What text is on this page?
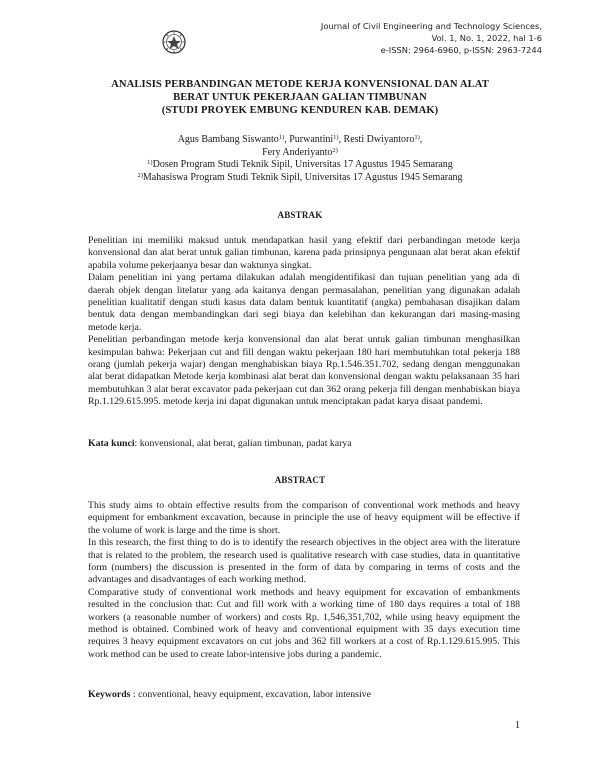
Journal of Civil Engineering and Technology Sciences,
Vol. 1, No. 1, 2022, hal 1-6
e-ISSN: 2964-6960, p-ISSN: 2963-7244
ANALISIS PERBANDINGAN METODE KERJA KONVENSIONAL DAN ALAT
BERAT UNTUK PEKERJAAN GALIAN TIMBUNAN
(STUDI PROYEK EMBUNG KENDUREN KAB. DEMAK)
Agus Bambang Siswanto$^{1)}$, Purwantini$^{1)}$, Resti Dwiyantoro$^{1)}$,
Fery Anderiyanto$^{2)}$
$^{1)}$Dosen Program Studi Teknik Sipil, Universitas 17 Agustus 1945 Semarang
$^{2)}$Mahasiswa Program Studi Teknik Sipil, Universitas 17 Agustus 1945 Semarang
ABSTRAK

Penelitian ini memiliki maksud untuk mendapatkan hasil yang efektif dari perbandingan metode kerja konvensional dan alat berat untuk galian timbunan, karena pada prinsipnya pengunaan alat berat akan efektif apabila volume pekerjaanya besar dan waktunya singkat.

Dalam penelitian ini yang pertama dilakukan adalah mengidentifikasi dan tujuan penelitian yang ada di daerah objek dengan litelatur yang ada kaitanya dengan permasalahan, penelitian yang digunakan adalah penelitian kualitatif dengan studi kasus data dalam bentuk kuantitatif (angka) pembahasan disajikan dalam bentuk data dengan membandingkan dari segi biaya dan kelebihan dan kekurangan dari masing-masing metode kerja.

Penelitian perbandingan metode kerja konvensional dan alat berat untuk galian timbunan menghasilkan kesimpulan bahwa: Pekerjaan cut and fill dengan waktu pekerjaan 180 hari membutuhkan total pekerja 188 orang (jumlah pekerja wajar) dengan menghabiskan biaya Rp.1.546.351.702, sedang dengan menggunakan alat berat didapatkan Metode kerja kombinasi alat berat dan konvensional dengan waktu pelaksanaan 35 hari membutuhkan 3 alat berat excavator pada pekerjaan cut dan 362 orang pekerja fill dengan menhabiskan biaya Rp.1.129.615.995. metode kerja ini dapat digunakan untuk menciptakan padat karya disaat pandemi.

Kata kunci: konvensional, alat berat, galian timbunan, padat karya
ABSTRACT

This study aims to obtain effective results from the comparison of conventional work methods and heavy equipment for embankment excavation, because in principle the use of heavy equipment will be effective if the volume of work is large and the time is short.

In this research, the first thing to do is to identify the research objectives in the object area with the literature that is related to the problem, the research used is qualitative research with case studies, data in quantitative form (numbers) the discussion is presented in the form of data by comparing in terms of costs and the advantages and disadvantages of each working method.

Comparative study of conventional work methods and heavy equipment for excavation of embankments resulted in the conclusion that: Cut and fill work with a working time of 180 days requires a total of 188 workers (a reasonable number of workers) and costs Rp. 1,546,351,702, while using heavy equipment the method is obtained. Combined work of heavy and conventional equipment with 35 days execution time requires 3 heavy equipment excavators on cut jobs and 362 fill workers at a cost of Rp.1.129.615.995. This work method can be used to create labor-intensive jobs during a pandemic.

Keywords : conventional, heavy equipment, excavation, labor intensive
1
